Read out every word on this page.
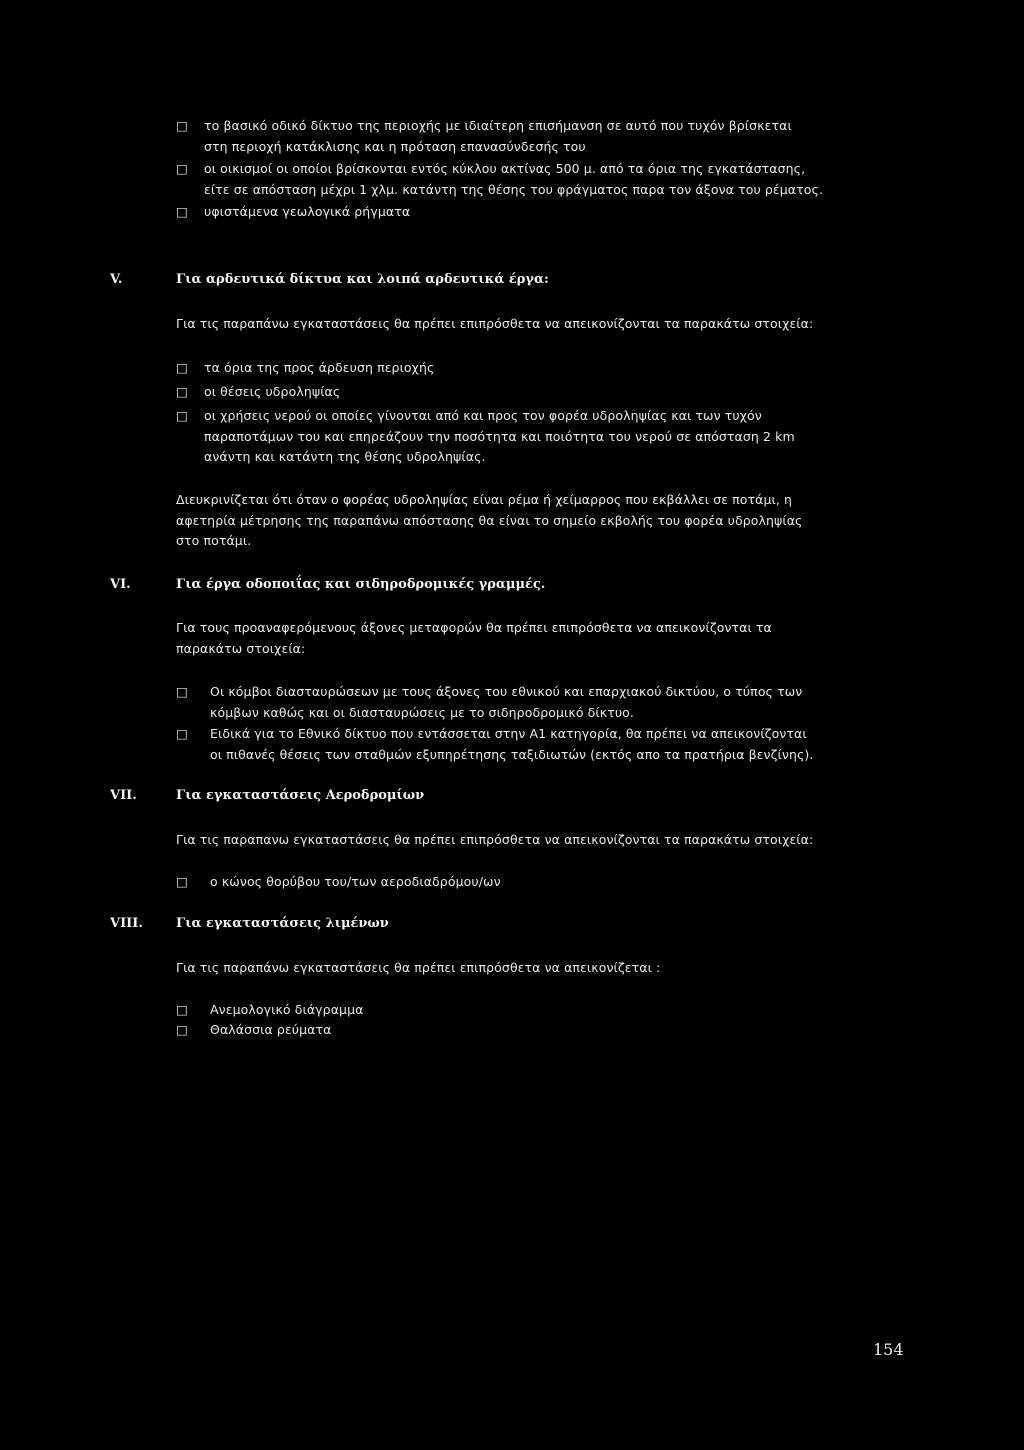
□ το βασικό οδικό δίκτυο της περιοχής με ιδιαίτερη επισήμανση σε αυτό που τυχόν βρίσκεται
στη περιοχή κατάκλισης και η πρόταση επανασύνδεσής του
□ οι οικισμοί οι οποίοι βρίσκονται εντός κύκλου ακτίνας 500 μ. από τα όρια της εγκατάστασης,
είτε σε απόσταση μέχρι 1 χλμ. κατάντη της θέσης του φράγματος παρα τον άξονα του ρέματος.
□ υφιστάμενα γεωλογικά ρήγματα
V.	Για αρδευτικά δίκτυα και λοιπά αρδευτικά έργα:
Για τις παραπάνω εγκαταστάσεις θα πρέπει επιπρόσθετα να απεικονίζονται τα παρακάτω στοιχεία:
□ τα όρια της προς άρδευση περιοχής
□ οι θέσεις υδροληψίας
□ οι χρήσεις νερού οι οποίες γίνονται από και προς τον φορέα υδροληψίας και των τυχόν
παραποτάμων του και επηρεάζουν την ποσότητα και ποιότητα του νερού σε απόσταση 2 km
ανάντη και κατάντη της θέσης υδροληψίας.
Διευκρινίζεται ότι όταν ο φορέας υδροληψίας είναι ρέμα ή χείμαρρος που εκβάλλει σε ποτάμι, η
αφετηρία μέτρησης της παραπάνω απόστασης θα είναι το σημείο εκβολής του φορέα υδροληψίας
στο ποτάμι.
VI.	Για έργα οδοποιΐας και σιδηροδρομικές γραμμές.
Για τους προαναφερόμενους άξονες μεταφορών θα πρέπει επιπρόσθετα να απεικονίζονται τα
παρακάτω στοιχεία:
□ Οι κόμβοι διασταυρώσεων με τους άξονες του εθνικού και επαρχιακού δικτύου, ο τύπος των
κόμβων καθώς και οι διασταυρώσεις με το σιδηροδρομικό δίκτυο.
□ Ειδικά για το Εθνικό δίκτυο που εντάσσεται στην Α1 κατηγορία, θα πρέπει να απεικονίζονται
οι πιθανές θέσεις των σταθμών εξυπηρέτησης ταξιδιωτών (εκτός απο τα πρατήρια βενζίνης).
VII.	Για εγκαταστάσεις Αεροδρομίων
Για τις παραπανω εγκαταστάσεις θα πρέπει επιπρόσθετα να απεικονίζονται τα παρακάτω στοιχεία:
□ ο κώνος θορύβου του/των αεροδιαδρόμου/ων
VIII.	Για εγκαταστάσεις λιμένων
Για τις παραπάνω εγκαταστάσεις θα πρέπει επιπρόσθετα να απεικονίζεται :
□ Ανεμολογικό διάγραμμα
□ Θαλάσσια ρεύματα
154
